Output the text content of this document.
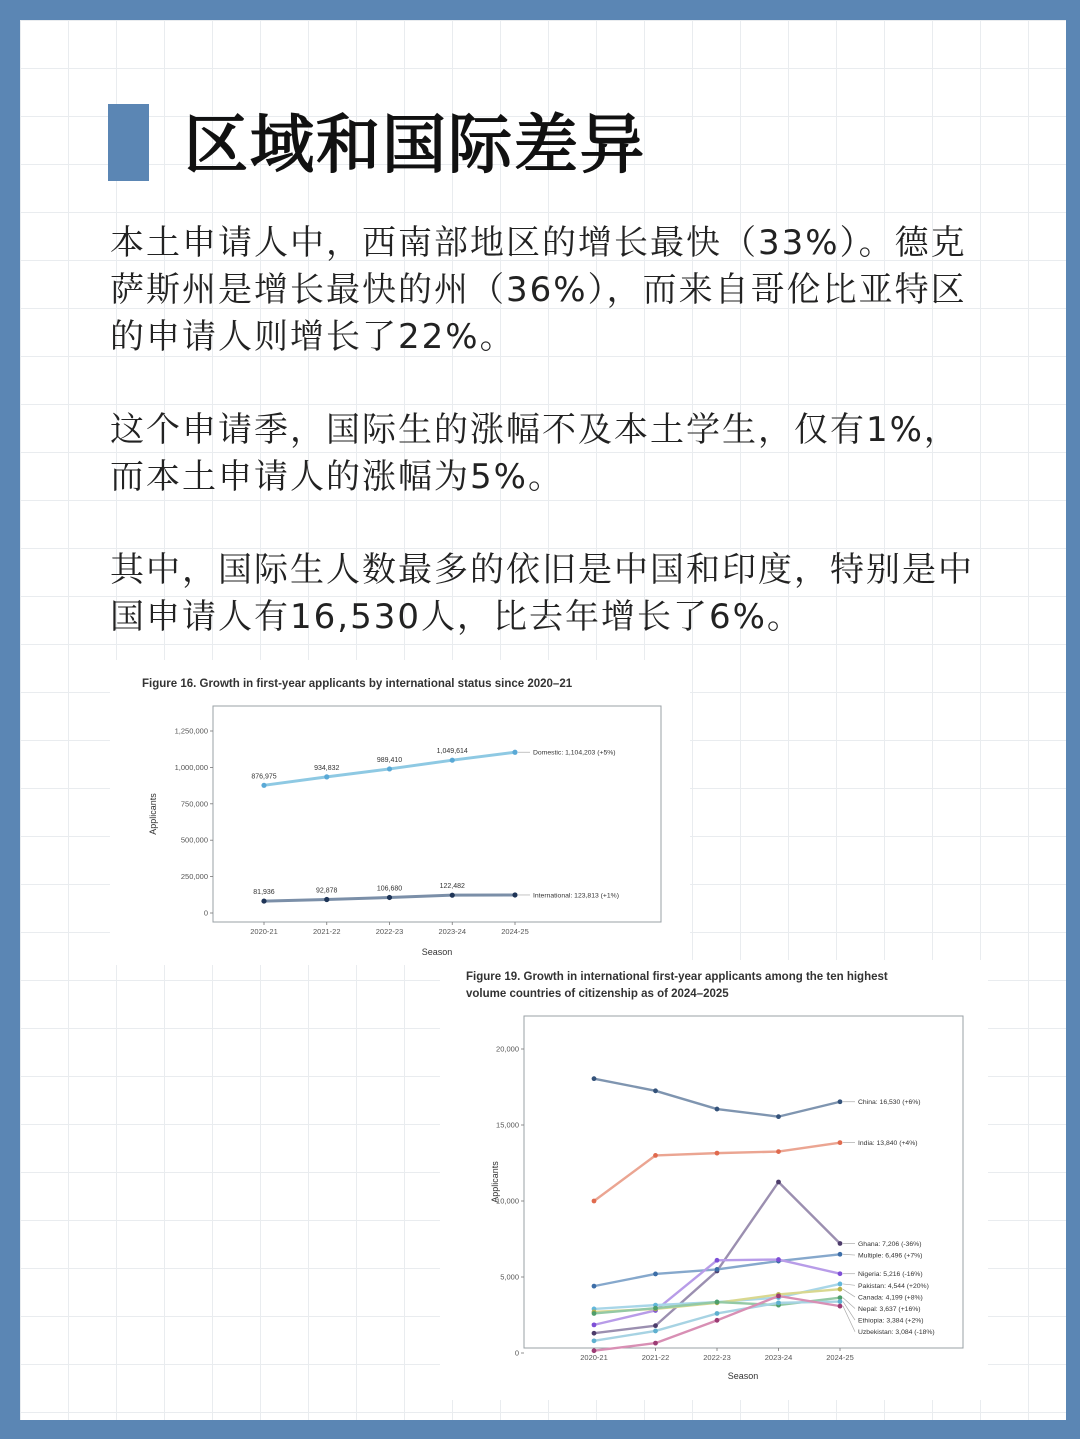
区域和国际差异

本土申请人中，西南部地区的增长最快（33%）。德克萨斯州是增长最快的州（36%），而来自哥伦比亚特区的申请人则增长了22%。

这个申请季，国际生的涨幅不及本土学生，仅有1%，而本土申请人的涨幅为5%。

其中，国际生人数最多的依旧是中国和印度，特别是中国申请人有16,530人，比去年增长了6%。

Figure 16. Growth in first-year applicants by international status since 2020–21
0
250,000
500,000
750,000
1,000,000
1,250,000
2020-21	2021-22	2022-23	2023-24	2024-25
Season
Applicants
876,975
934,832
989,410
1,049,614
81,936	92,878	106,680	122,482
Domestic: 1,104,203 (+5%)
International: 123,813 (+1%)
Figure 19. Growth in international first-year applicants among the ten highest
volume countries of citizenship as of 2024–2025
0
5,000
10,000
15,000
20,000
2020-21	2021-22	2022-23	2023-24	2024-25
Season
Applicants
China: 16,530 (+6%)
India: 13,840 (+4%)
Ghana: 7,206 (-36%)
Multiple: 6,496 (+7%)
Nigeria: 5,216 (-16%)
Pakistan: 4,544 (+20%)
Canada: 4,199 (+8%)
Nepal: 3,637 (+16%)
Ethiopia: 3,384 (+2%)
Uzbekistan: 3,084 (-18%)
